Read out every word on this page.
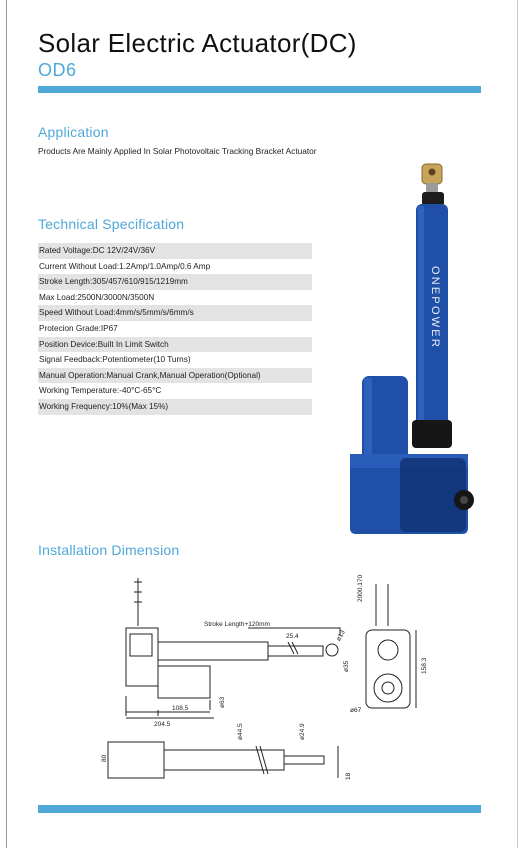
Solar Electric Actuator(DC)
OD6
Application
Products Are Mainly Applied In Solar Photovoltaic Tracking Bracket Actuator
Technical Specification
Rated Voltage:DC 12V/24V/36V
Current Without Load:1.2Amp/1.0Amp/0.6 Amp
Stroke Length:305/457/610/915/1219mm
Max Load:2500N/3000N/3500N
Speed Without Load:4mm/s/5mm/s/6mm/s
Protecion Grade:IP67
Position Device:Built In Limit Switch
Signal Feedback:Potentiometer(10 Turns)
Manual Operation:Manual Crank,Manual Operation(Optional)
Working Temperature:-40°C-65°C
Working Frequency:10%(Max 15%)
ONEPOWER
Installation Dimension
Stroke Length+120mm
25.4	ø13
ø35
108.5
204.5
ø63
2000.170
158.3
ø67
ø44.5	ø24.9
80
18
